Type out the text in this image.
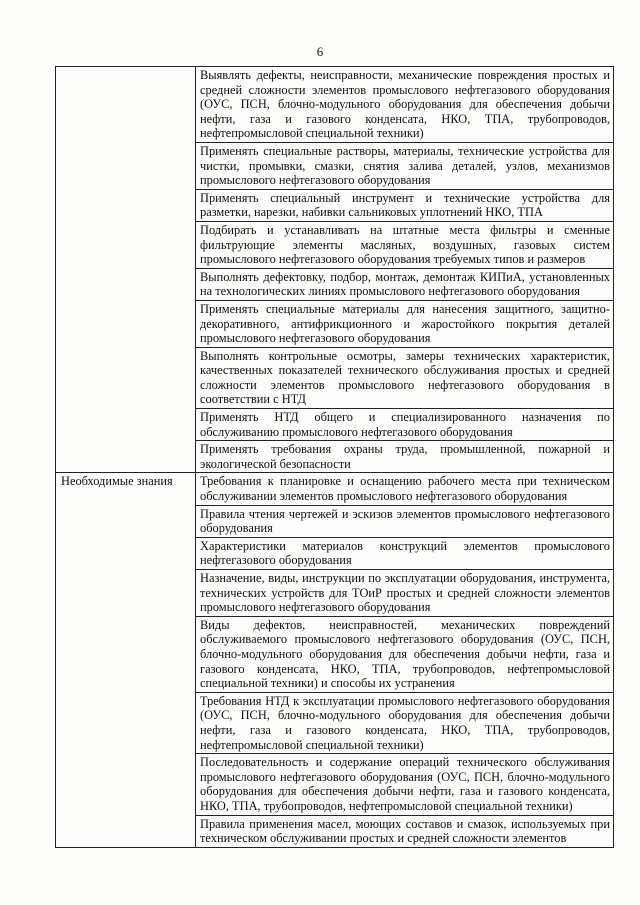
6
	Выявлять дефекты, неисправности, механические повреждения простых и средней сложности элементов промыслового нефтегазового оборудования (ОУС, ПСН, блочно-модульного оборудования для обеспечения добычи нефти, газа и газового конденсата, НКО, ТПА, трубопроводов, нефтепромысловой специальной техники)
	Применять специальные растворы, материалы, технические устройства для чистки, промывки, смазки, снятия залива деталей, узлов, механизмов промыслового нефтегазового оборудования
	Применять специальный инструмент и технические устройства для разметки, нарезки, набивки сальниковых уплотнений НКО, ТПА
	Подбирать и устанавливать на штатные места фильтры и сменные фильтрующие элементы масляных, воздушных, газовых систем промыслового нефтегазового оборудования требуемых типов и размеров
	Выполнять дефектовку, подбор, монтаж, демонтаж КИПиА, установленных на технологических линиях промыслового нефтегазового оборудования
	Применять специальные материалы для нанесения защитного, защитно-декоративного, антифрикционного и жаростойкого покрытия деталей промыслового нефтегазового оборудования
	Выполнять контрольные осмотры, замеры технических характеристик, качественных показателей технического обслуживания простых и средней сложности элементов промыслового нефтегазового оборудования в соответствии с НТД
	Применять НТД общего и специализированного назначения по обслуживанию промыслового нефтегазового оборудования
	Применять требования охраны труда, промышленной, пожарной и экологической безопасности
Необходимые знания	Требования к планировке и оснащению рабочего места при техническом обслуживании элементов промыслового нефтегазового оборудования
	Правила чтения чертежей и эскизов элементов промыслового нефтегазового оборудования
	Характеристики материалов конструкций элементов промыслового нефтегазового оборудования
	Назначение, виды, инструкции по эксплуатации оборудования, инструмента, технических устройств для ТОиР простых и средней сложности элементов промыслового нефтегазового оборудования
	Виды дефектов, неисправностей, механических повреждений обслуживаемого промыслового нефтегазового оборудования (ОУС, ПСН, блочно-модульного оборудования для обеспечения добычи нефти, газа и газового конденсата, НКО, ТПА, трубопроводов, нефтепромысловой специальной техники) и способы их устранения
	Требования НТД к эксплуатации промыслового нефтегазового оборудования (ОУС, ПСН, блочно-модульного оборудования для обеспечения добычи нефти, газа и газового конденсата, НКО, ТПА, трубопроводов, нефтепромысловой специальной техники)
	Последовательность и содержание операций технического обслуживания промыслового нефтегазового оборудования (ОУС, ПСН, блочно-модульного оборудования для обеспечения добычи нефти, газа и газового конденсата, НКО, ТПА, трубопроводов, нефтепромысловой специальной техники)
	Правила применения масел, моющих составов и смазок, используемых при техническом обслуживании простых и средней сложности элементов
